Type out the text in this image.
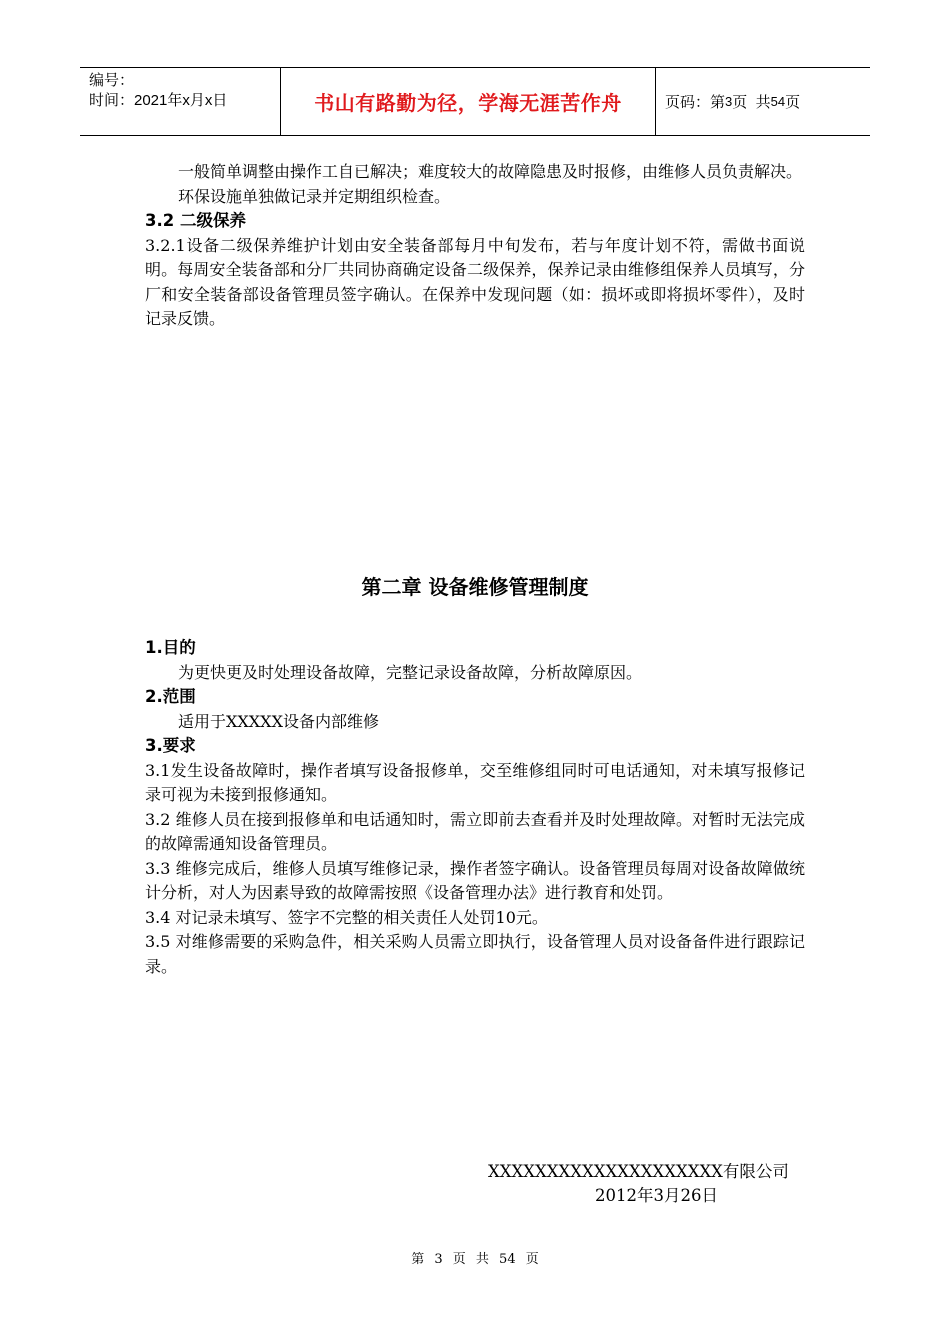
编号：
时间：2021年x月x日	书山有路勤为径，学海无涯苦作舟	页码：第 3 页  共 54 页

一般简单调整由操作工自已解决；难度较大的故障隐患及时报修，由维修人员负责解决。

环保设施单独做记录并定期组织检查。

3.2 二级保养

3.2.1设备二级保养维护计划由安全装备部每月中旬发布，若与年度计划不符，需做书面说明。每周安全装备部和分厂共同协商确定设备二级保养，保养记录由维修组保养人员填写，分厂和安全装备部设备管理员签字确认。在保养中发现问题（如：损坏或即将损坏零件），及时记录反馈。

第二章 设备维修管理制度

1.目的

为更快更及时处理设备故障，完整记录设备故障，分析故障原因。

2.范围

适用于XXXXX设备内部维修

3.要求

3.1发生设备故障时，操作者填写设备报修单，交至维修组同时可电话通知，对未填写报修记录可视为未接到报修通知。

3.2 维修人员在接到报修单和电话通知时，需立即前去查看并及时处理故障。对暂时无法完成的故障需通知设备管理员。

3.3 维修完成后，维修人员填写维修记录，操作者签字确认。设备管理员每周对设备故障做统计分析，对人为因素导致的故障需按照《设备管理办法》进行教育和处罚。

3.4 对记录未填写、签字不完整的相关责任人处罚10元。

3.5 对维修需要的采购急件，相关采购人员需立即执行，设备管理人员对设备备件进行跟踪记录。

XXXXXXXXXXXXXXXXXXXX有限公司
2012年3月26日
第 3 页 共 54 页
